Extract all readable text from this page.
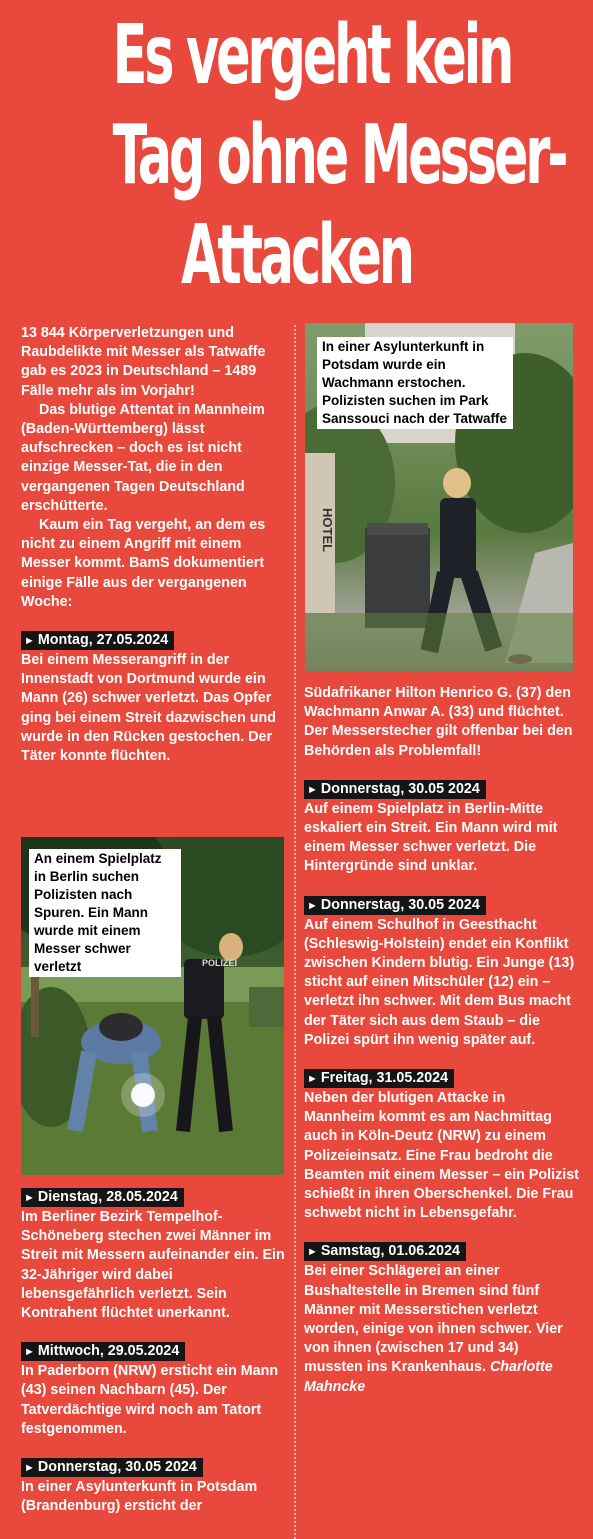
Es vergeht kein
Tag ohne Messer-
Attacken

13 844 Körperverletzungen und Raubdelikte mit Messer als Tatwaffe gab es 2023 in Deutschland – 1489 Fälle mehr als im Vorjahr!

Das blutige Attentat in Mannheim (Baden-Württemberg) lässt aufschrecken – doch es ist nicht einzige Messer-Tat, die in den vergangenen Tagen Deutschland erschütterte.

Kaum ein Tag vergeht, an dem es nicht zu einem Angriff mit einem Messer kommt. BamS dokumentiert einige Fälle aus der vergangenen Woche:

► Montag, 27.05.2024

Bei einem Messerangriff in der Innenstadt von Dortmund wurde ein Mann (26) schwer verletzt. Das Opfer ging bei einem Streit dazwischen und wurde in den Rücken gestochen. Der Täter konnte flüchten.

HOTEL
In einer Asylunterkunft in Potsdam wurde ein Wachmann erstochen. Polizisten suchen im Park Sanssouci nach der Tatwaffe

Südafrikaner Hilton Henrico G. (37) den Wachmann Anwar A. (33) und flüchtet. Der Messerstecher gilt offenbar bei den Behörden als Problemfall!

► Donnerstag, 30.05 2024

Auf einem Spielplatz in Berlin-Mitte eskaliert ein Streit. Ein Mann wird mit einem Messer schwer verletzt. Die Hintergründe sind unklar.

► Donnerstag, 30.05 2024

Auf einem Schulhof in Geesthacht (Schleswig-Holstein) endet ein Konflikt zwischen Kindern blutig. Ein Junge (13) sticht auf einen Mitschüler (12) ein – verletzt ihn schwer. Mit dem Bus macht der Täter sich aus dem Staub – die Polizei spürt ihn wenig später auf.

► Freitag, 31.05.2024

Neben der blutigen Attacke in Mannheim kommt es am Nachmittag auch in Köln-Deutz (NRW) zu einem Polizeieinsatz. Eine Frau bedroht die Beamten mit einem Messer – ein Polizist schießt in ihren Oberschenkel. Die Frau schwebt nicht in Lebensgefahr.

► Samstag, 01.06.2024

Bei einer Schlägerei an einer Bushaltestelle in Bremen sind fünf Männer mit Messerstichen verletzt worden, einige von ihnen schwer. Vier von ihnen (zwischen 17 und 34) mussten ins Krankenhaus. Charlotte Mahncke

POLIZEI
An einem Spielplatz in Berlin suchen Polizisten nach Spuren. Ein Mann wurde mit einem Messer schwer verletzt
► Dienstag, 28.05.2024

Im Berliner Bezirk Tempelhof-Schöneberg stechen zwei Männer im Streit mit Messern aufeinander ein. Ein 32-Jähriger wird dabei lebensgefährlich verletzt. Sein Kontrahent flüchtet unerkannt.

► Mittwoch, 29.05.2024

In Paderborn (NRW) ersticht ein Mann (43) seinen Nachbarn (45). Der Tatverdächtige wird noch am Tatort festgenommen.

► Donnerstag, 30.05 2024

In einer Asylunterkunft in Potsdam (Brandenburg) ersticht der
